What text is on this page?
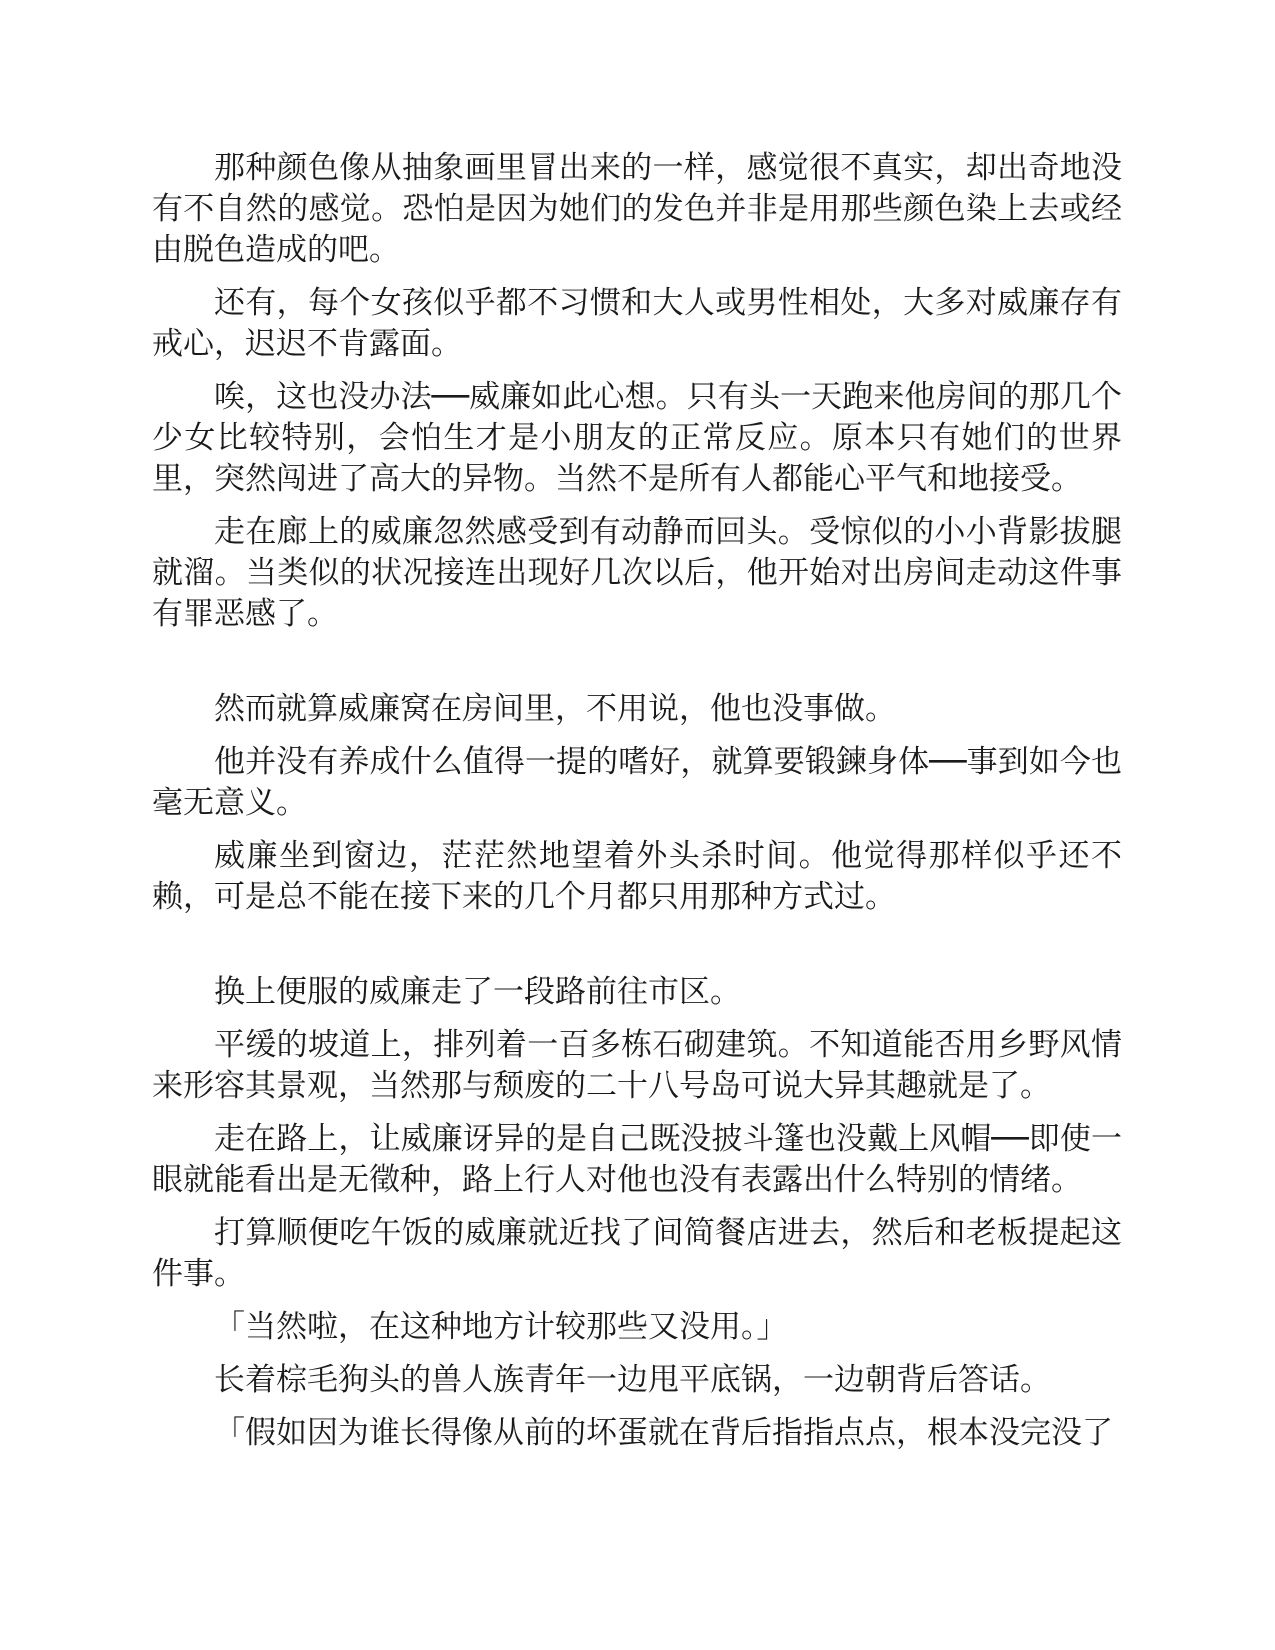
那种颜色像从抽象画里冒出来的一样，感觉很不真实，却出奇地没有不自然的感觉。恐怕是因为她们的发色并非是用那些颜色染上去或经由脱色造成的吧。

还有，每个女孩似乎都不习惯和大人或男性相处，大多对威廉存有戒心，迟迟不肯露面。

唉，这也没办法──威廉如此心想。只有头一天跑来他房间的那几个少女比较特别，会怕生才是小朋友的正常反应。原本只有她们的世界里，突然闯进了高大的异物。当然不是所有人都能心平气和地接受。

走在廊上的威廉忽然感受到有动静而回头。受惊似的小小背影拔腿就溜。当类似的状况接连出现好几次以后，他开始对出房间走动这件事有罪恶感了。

然而就算威廉窝在房间里，不用说，他也没事做。

他并没有养成什么值得一提的嗜好，就算要锻鍊身体──事到如今也毫无意义。

威廉坐到窗边，茫茫然地望着外头杀时间。他觉得那样似乎还不赖，可是总不能在接下来的几个月都只用那种方式过。

换上便服的威廉走了一段路前往市区。

平缓的坡道上，排列着一百多栋石砌建筑。不知道能否用乡野风情来形容其景观，当然那与颓废的二十八号岛可说大异其趣就是了。

走在路上，让威廉讶异的是自己既没披斗篷也没戴上风帽──即使一眼就能看出是无徵种，路上行人对他也没有表露出什么特别的情绪。

打算顺便吃午饭的威廉就近找了间简餐店进去，然后和老板提起这件事。

「当然啦，在这种地方计较那些又没用。」

长着棕毛狗头的兽人族青年一边甩平底锅，一边朝背后答话。

「假如因为谁长得像从前的坏蛋就在背后指指点点，根本没完没了
